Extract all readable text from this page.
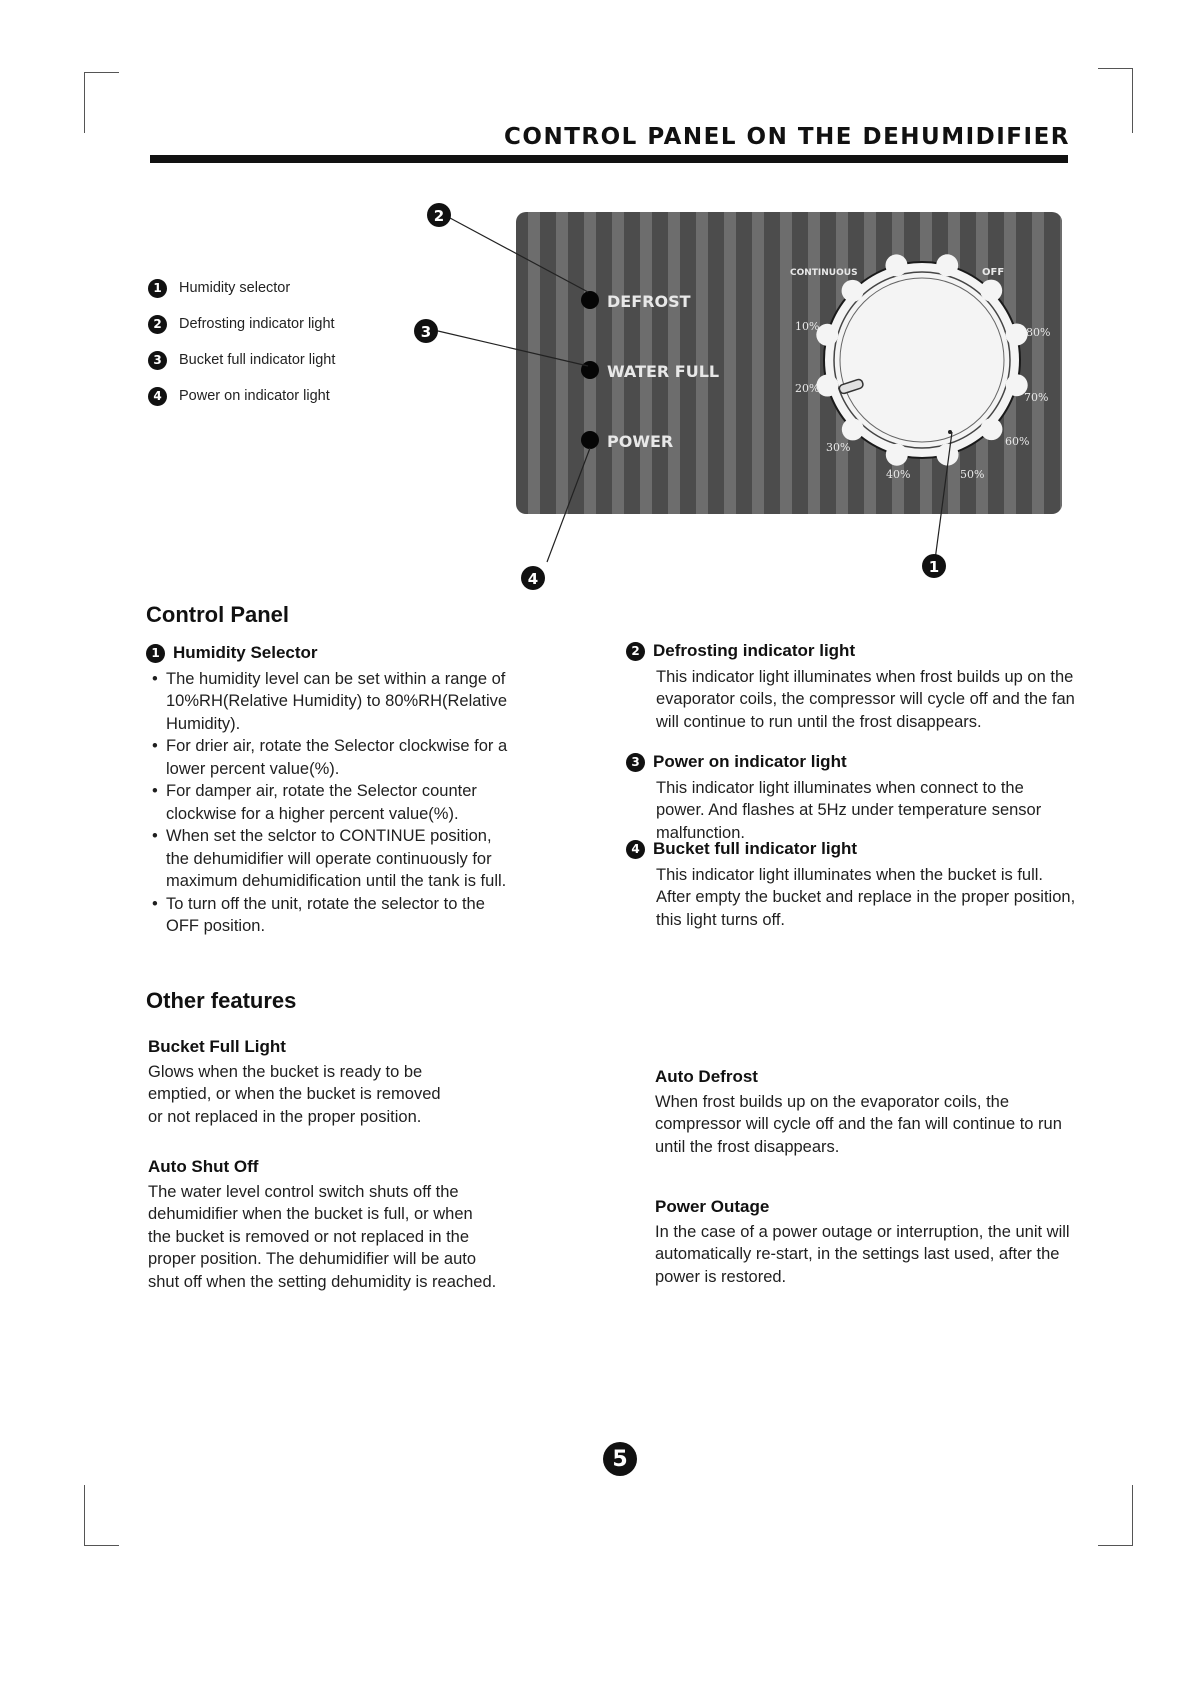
CONTROL PANEL ON THE DEHUMIDIFIER
1	Humidity selector
2	Defrosting indicator light
3	Bucket full indicator light
4	Power on indicator light
DEFROST
WATER FULL
POWER
CONTINUOUS	OFF
10%
20%
30%
40%	50%
60%
70%
80%
2
3
4
1
Control Panel
1 Humidity Selector
• The humidity level can be set within a range of 10%RH(Relative Humidity) to 80%RH(Relative Humidity).
• For drier air, rotate the Selector clockwise for a lower percent value(%).
• For damper air, rotate the Selector counter clockwise for a higher percent value(%).
• When set the selctor to CONTINUE position, the dehumidifier will operate continuously for maximum dehumidification until the tank is full.
• To turn off the unit, rotate the selector to the OFF position.
2 Defrosting indicator light

This indicator light illuminates when frost builds up on the evaporator coils, the compressor will cycle off and the fan will continue to run until the frost disappears.

3 Power on indicator light

This indicator light illuminates when connect to the power. And flashes at 5Hz under temperature sensor malfunction.

4 Bucket full indicator light

This indicator light illuminates when the bucket is full. After empty the bucket and replace in the proper position, this light turns off.

Other features
Bucket Full Light

Glows when the bucket is ready to be emptied, or when the bucket is removed or not replaced in the proper position.

Auto Shut Off

The water level control switch shuts off the dehumidifier when the bucket is full, or when the bucket is removed or not replaced in the proper position. The dehumidifier will be auto shut off when the setting dehumidity is reached.

Auto Defrost

When frost builds up on the evaporator coils, the compressor will cycle off and the fan will continue to run until the frost disappears.

Power Outage

In the case of a power outage or interruption, the unit will automatically re-start, in the settings last used, after the power is restored.

5
